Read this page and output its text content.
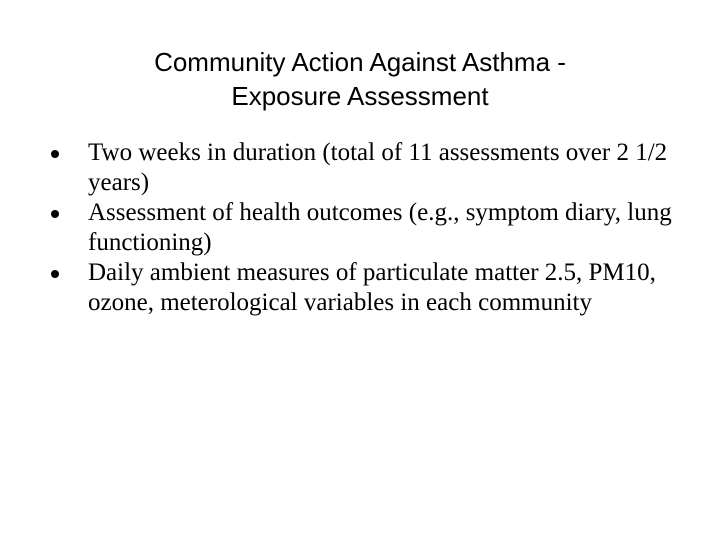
Community Action Against Asthma -
Exposure Assessment
Two weeks in duration (total of 11 assessments over 2 1/2 years)
Assessment of health outcomes (e.g., symptom diary, lung functioning)
Daily ambient measures of particulate matter 2.5, PM10, ozone, meterological variables in each community
